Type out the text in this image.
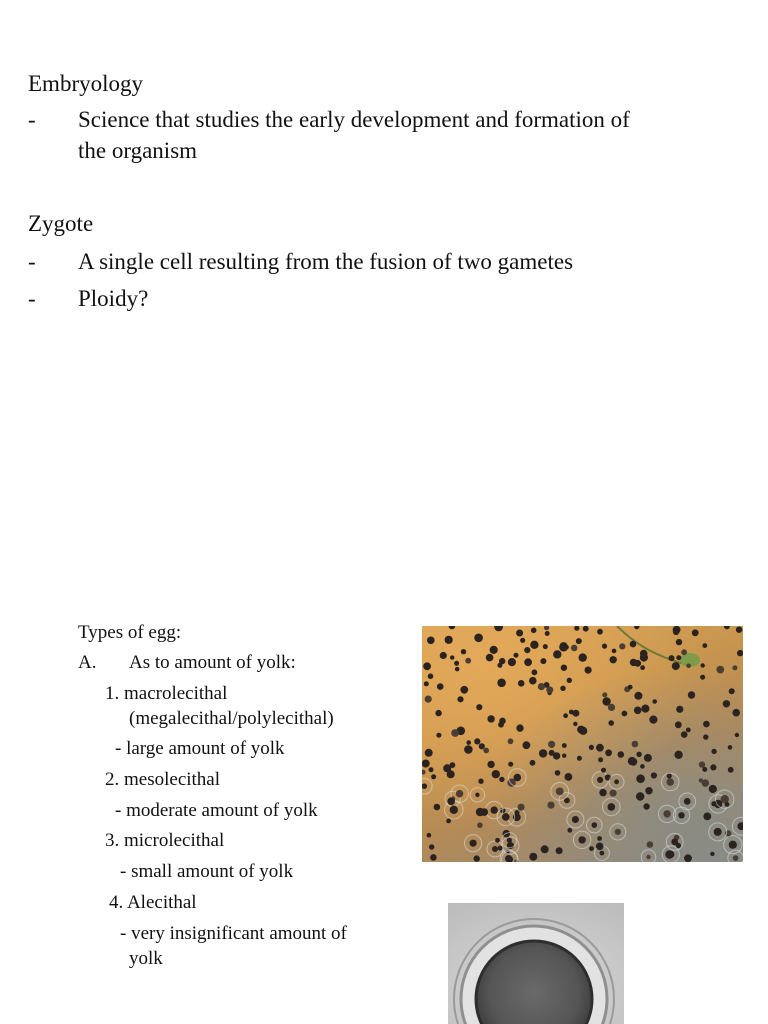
Embryology
- Science that studies the early development and formation of
the organism
Zygote
- A single cell resulting from the fusion of two gametes
- Ploidy?
Types of egg:
A. As to amount of yolk:
1. macrolecithal
(megalecithal/polylecithal)
- large amount of yolk
2. mesolecithal
- moderate amount of yolk
3. microlecithal
- small amount of yolk
4. Alecithal
- very insignificant amount of
yolk
